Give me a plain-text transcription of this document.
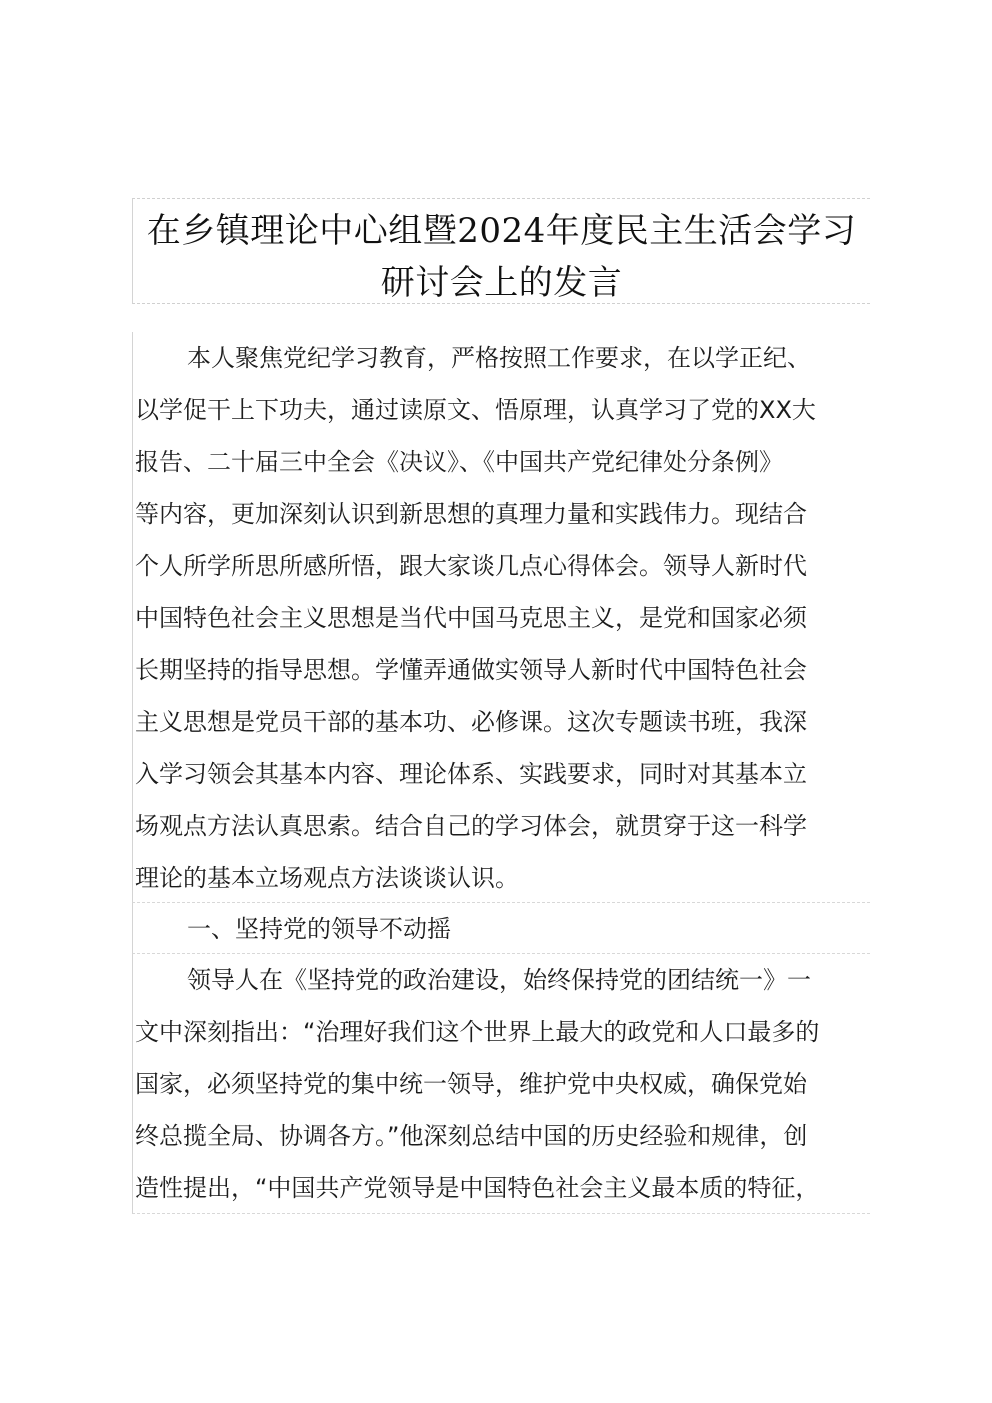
在乡镇理论中心组暨2024年度民主生活会学习
研讨会上的发言
本人聚焦党纪学习教育，严格按照工作要求，在以学正纪、
以学促干上下功夫，通过读原文、悟原理，认真学习了党的XX大
报告、二十届三中全会《决议》、《中国共产党纪律处分条例》
等内容，更加深刻认识到新思想的真理力量和实践伟力。现结合
个人所学所思所感所悟，跟大家谈几点心得体会。领导人新时代
中国特色社会主义思想是当代中国马克思主义，是党和国家必须
长期坚持的指导思想。学懂弄通做实领导人新时代中国特色社会
主义思想是党员干部的基本功、必修课。这次专题读书班，我深
入学习领会其基本内容、理论体系、实践要求，同时对其基本立
场观点方法认真思索。结合自己的学习体会，就贯穿于这一科学
理论的基本立场观点方法谈谈认识。
一、坚持党的领导不动摇
领导人在《坚持党的政治建设，始终保持党的团结统一》一
文中深刻指出：“治理好我们这个世界上最大的政党和人口最多的
国家，必须坚持党的集中统一领导，维护党中央权威，确保党始
终总揽全局、协调各方。”他深刻总结中国的历史经验和规律，创
造性提出，“中国共产党领导是中国特色社会主义最本质的特征，
